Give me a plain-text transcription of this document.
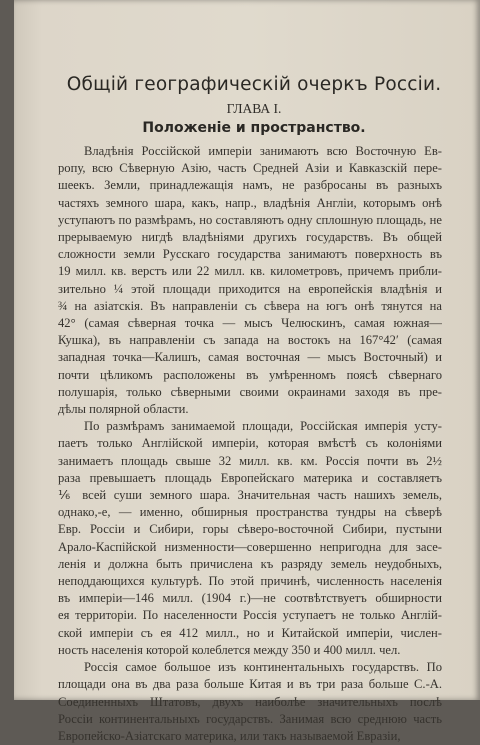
Общiй географическiй очеркъ Россiи.
ГЛАВА I.
Положенiе и пространство.
Владѣнія Россійской имперіи занимаютъ всю Восточную Ев-
ропу, всю Сѣверную Азію, часть Средней Азіи и Кавказскій пере-
шеекъ. Земли, принадлежащія намъ, не разбросаны въ разныхъ
частяхъ земного шара, какъ, напр., владѣнія Англіи, которымъ онѣ
уступаютъ по размѣрамъ, но составляютъ одну сплошную площадь, не
прерываемую нигдѣ владѣніями другихъ государствъ. Въ общей
сложности земли Русскаго государства занимаютъ поверхность въ
19 милл. кв. верстъ или 22 милл. кв. километровъ, причемъ прибли-
зительно ¼ этой площади приходится на европейскія владѣнія и
¾ на азіатскія. Въ направленіи съ сѣвера на югъ онѣ тянутся на
42° (самая сѣверная точка — мысъ Челюскинъ, самая южная—
Кушка), въ направленіи съ запада на востокъ на 167°42′ (самая
западная точка—Калишъ, самая восточная — мысъ Восточный) и
почти цѣликомъ расположены въ умѣренномъ поясѣ сѣвернаго
полушарія, только сѣверными своими окраинами заходя въ пре-
дѣлы полярной области.
По размѣрамъ занимаемой площади, Россійская имперія усту-
паетъ только Англійской имперіи, которая вмѣстѣ съ колоніями
занимаетъ площадь свыше 32 милл. кв. км. Россія почти въ 2½
раза превышаетъ площадь Европейскаго материка и составляетъ
⅙ всей суши земного шара. Значительная часть нашихъ земель,
однако,-е, — именно, обширныя пространства тундры на сѣверѣ
Евр. Россіи и Сибири, горы сѣверо-восточной Сибири, пустыни
Арало-Каспійской низменности—совершенно непригодна для засе-
ленія и должна быть причислена къ разряду земель неудобныхъ,
неподдающихся культурѣ. По этой причинѣ, численность населенія
въ имперіи—146 милл. (1904 г.)—не соотвѣтствуетъ обширности
ея территоріи. По населенности Россія уступаетъ не только Англій-
ской имперіи съ ея 412 милл., но и Китайской имперіи, числен-
ность населенія которой колеблется между 350 и 400 милл. чел.
Россія самое большое изъ континентальныхъ государствъ. По
площади она въ два раза больше Китая и въ три раза больше С.-А.
Соединенныхъ Штатовъ, двухъ наиболѣе значительныхъ послѣ
Россіи континентальныхъ государствъ. Занимая всю среднюю часть
Европейско-Азіатскаго материка, или такъ называемой Евразіи,
